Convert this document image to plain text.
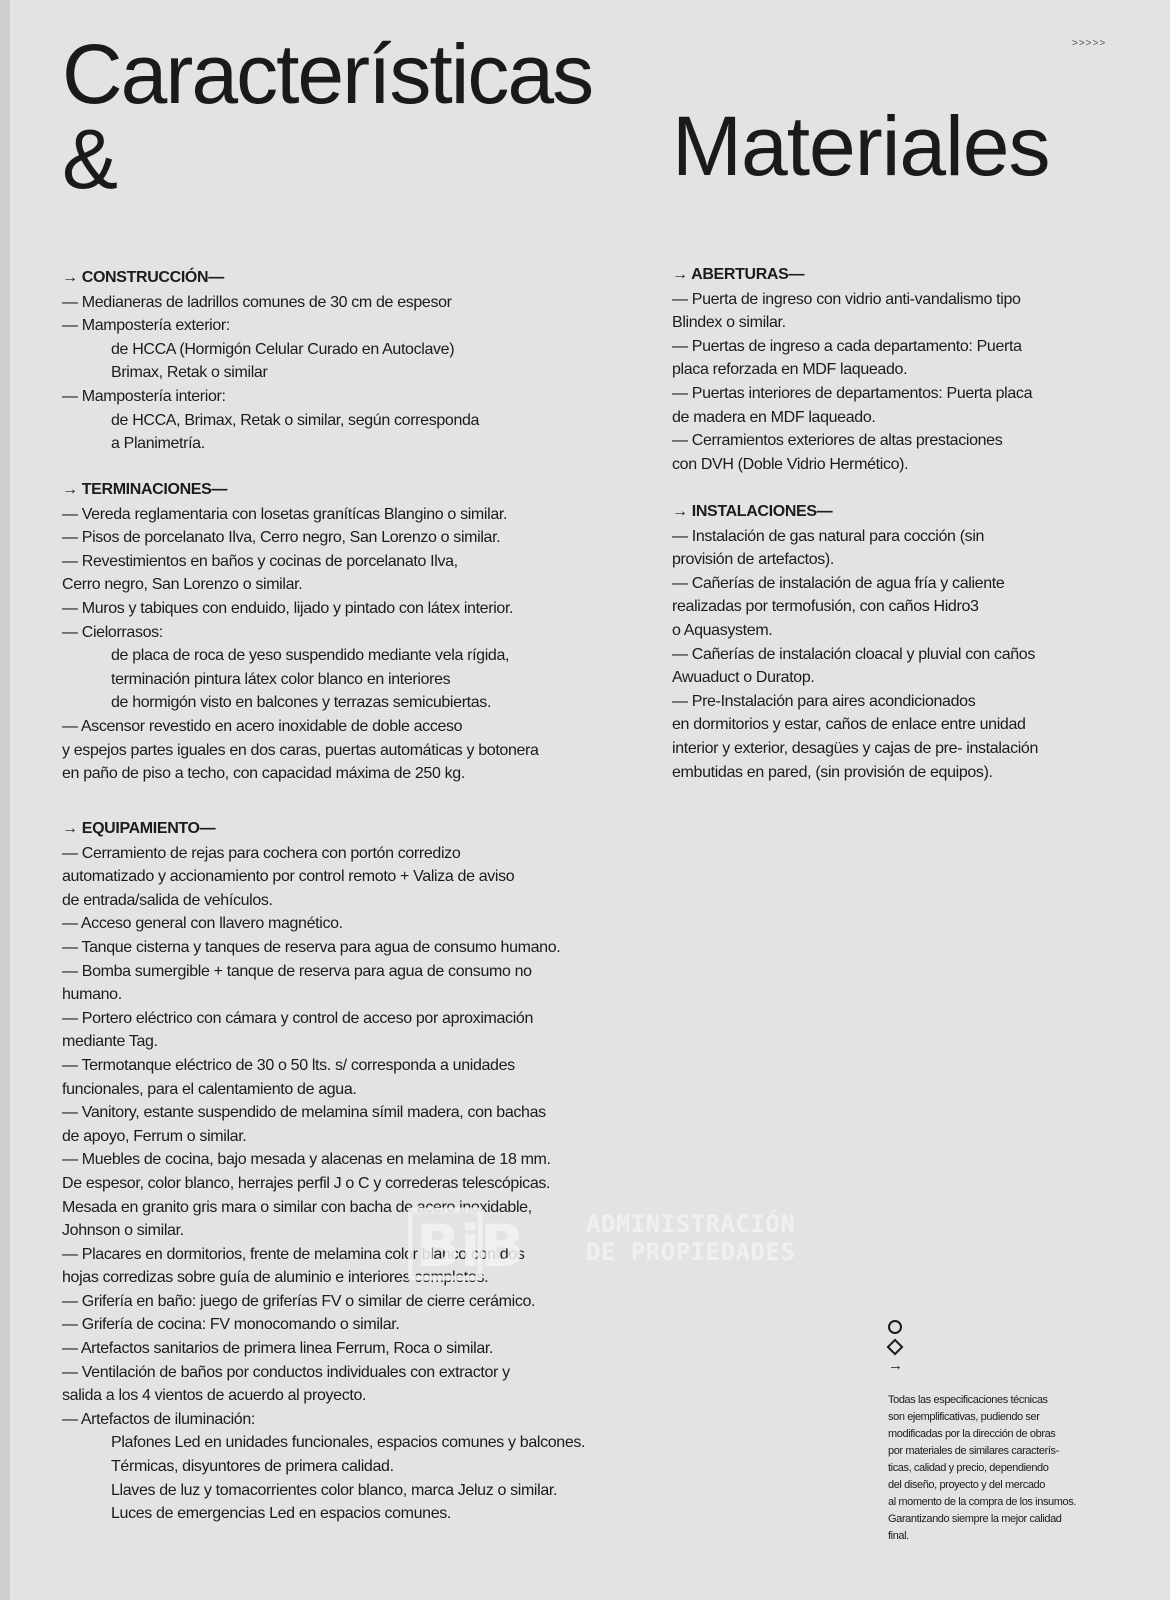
>>>>>
Características
&	Materiales
→ CONSTRUCCIÓN—
— Medianeras de ladrillos comunes de 30 cm de espesor
— Mampostería exterior:
de HCCA (Hormigón Celular Curado en Autoclave)
Brimax, Retak o similar
— Mampostería interior:
de HCCA, Brimax, Retak o similar, según corresponda
a Planimetría.
→ TERMINACIONES—
— Vereda reglamentaria con losetas granítícas Blangino o similar.
— Pisos de porcelanato Ilva, Cerro negro, San Lorenzo o similar.
— Revestimientos en baños y cocinas de porcelanato Ilva,
Cerro negro, San Lorenzo o similar.
— Muros y tabiques con enduido, lijado y pintado con látex interior.
— Cielorrasos:
de placa de roca de yeso suspendido mediante vela rígida,
terminación pintura látex color blanco en interiores
de hormigón visto en balcones y terrazas semicubiertas.
— Ascensor revestido en acero inoxidable de doble acceso
y espejos partes iguales en dos caras, puertas automáticas y botonera
en paño de piso a techo, con capacidad máxima de 250 kg.
→ EQUIPAMIENTO—
— Cerramiento de rejas para cochera con portón corredizo
automatizado y accionamiento por control remoto + Valiza de aviso
de entrada/salida de vehículos.
— Acceso general con llavero magnético.
— Tanque cisterna y tanques de reserva para agua de consumo humano.
— Bomba sumergible + tanque de reserva para agua de consumo no
humano.
— Portero eléctrico con cámara y control de acceso por aproximación
mediante Tag.
— Termotanque eléctrico de 30 o 50 lts. s/ corresponda a unidades
funcionales, para el calentamiento de agua.
— Vanitory, estante suspendido de melamina símil madera, con bachas
de apoyo, Ferrum o similar.
— Muebles de cocina, bajo mesada y alacenas en melamina de 18 mm.
De espesor, color blanco, herrajes perfil J o C y correderas telescópicas.
Mesada en granito gris mara o similar con bacha de acero inoxidable,
Johnson o similar.
— Placares en dormitorios, frente de melamina color blanco con dos
hojas corredizas sobre guía de aluminio e interiores completos.
— Grifería en baño: juego de griferías FV o similar de cierre cerámico.
— Grifería de cocina: FV monocomando o similar.
— Artefactos sanitarios de primera linea Ferrum, Roca o similar.
— Ventilación de baños por conductos individuales con extractor y
salida a los 4 vientos de acuerdo al proyecto.
— Artefactos de iluminación:
Plafones Led en unidades funcionales, espacios comunes y balcones.
Térmicas, disyuntores de primera calidad.
Llaves de luz y tomacorrientes color blanco, marca Jeluz o similar.
Luces de emergencias Led en espacios comunes.
→ ABERTURAS—
— Puerta de ingreso con vidrio anti-vandalismo tipo
Blindex o similar.
— Puertas de ingreso a cada departamento: Puerta
placa reforzada en MDF laqueado.
— Puertas interiores de departamentos: Puerta placa
de madera en MDF laqueado.
— Cerramientos exteriores de altas prestaciones
con DVH (Doble Vidrio Hermético).
→ INSTALACIONES—
— Instalación de gas natural para cocción (sin
provisión de artefactos).
— Cañerías de instalación de agua fría y caliente
realizadas por termofusión, con caños Hidro3
o Aquasystem.
— Cañerías de instalación cloacal y pluvial con caños
Awuaduct o Duratop.
— Pre-Instalación para aires acondicionados
en dormitorios y estar, caños de enlace entre unidad
interior y exterior, desagües y cajas de pre- instalación
embutidas en pared, (sin provisión de equipos).
→
Todas las especificaciones técnicas
son ejemplificativas, pudiendo ser
modificadas por la dirección de obras
por materiales de similares caracterís-
ticas, calidad y precio, dependiendo
del diseño, proyecto y del mercado
al momento de la compra de los insumos.
Garantizando siempre la mejor calidad
final.
BiB	ADMINISTRACIÓN
DE PROPIEDADES
